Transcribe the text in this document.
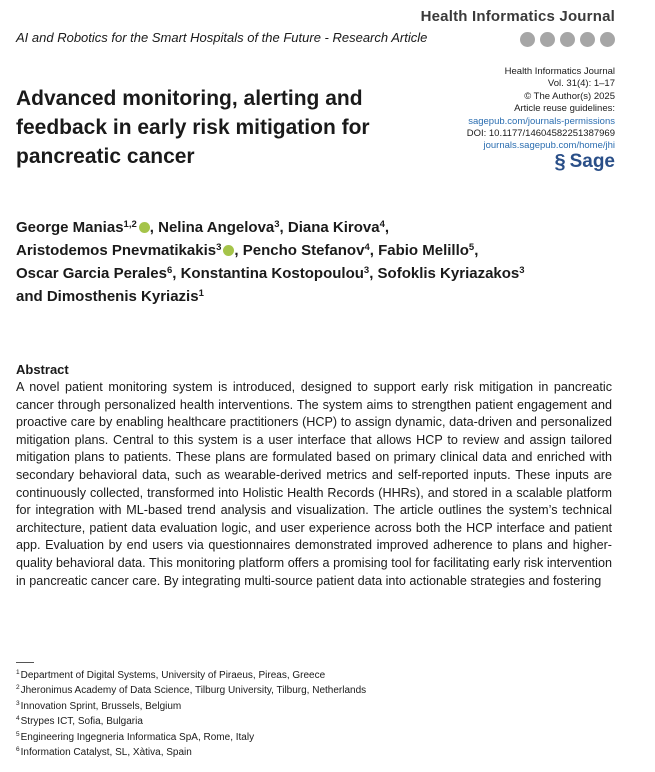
Health Informatics Journal
AI and Robotics for the Smart Hospitals of the Future - Research Article
Advanced monitoring, alerting and feedback in early risk mitigation for pancreatic cancer
Health Informatics Journal
Vol. 31(4): 1–17
© The Author(s) 2025
Article reuse guidelines:
sagepub.com/journals-permissions
DOI: 10.1177/14604582251387969
journals.sagepub.com/home/jhi
§ Sage
George Manias$^{1,2}$ , Nelina Angelova$^3$, Diana Kirova$^4$,
Aristodemos Pnevmatikakis$^3$ , Pencho Stefanov$^4$, Fabio Melillo$^5$,
Oscar Garcia Perales$^6$, Konstantina Kostopoulou$^3$, Sofoklis Kyriazakos$^3$
and Dimosthenis Kyriazis$^1$
Abstract

A novel patient monitoring system is introduced, designed to support early risk mitigation in pancreatic cancer through personalized health interventions. The system aims to strengthen patient engagement and proactive care by enabling healthcare practitioners (HCP) to assign dynamic, data-driven and personalized mitigation plans. Central to this system is a user interface that allows HCP to review and assign tailored mitigation plans to patients. These plans are formulated based on primary clinical data and enriched with secondary behavioral data, such as wearable-derived metrics and self-reported inputs. These inputs are continuously collected, transformed into Holistic Health Records (HHRs), and stored in a scalable platform for integration with ML-based trend analysis and visualization. The article outlines the system’s technical architecture, patient data evaluation logic, and user experience across both the HCP interface and patient app. Evaluation by end users via questionnaires demonstrated improved adherence to plans and higher-quality behavioral data. This monitoring platform offers a promising tool for facilitating early risk intervention in pancreatic cancer care. By integrating multi-source patient data into actionable strategies and fostering

$^1$Department of Digital Systems, University of Piraeus, Pireas, Greece
$^2$Jheronimus Academy of Data Science, Tilburg University, Tilburg, Netherlands
$^3$Innovation Sprint, Brussels, Belgium
$^4$Strypes ICT, Sofia, Bulgaria
$^5$Engineering Ingegneria Informatica SpA, Rome, Italy
$^6$Information Catalyst, SL, Xàtiva, Spain
